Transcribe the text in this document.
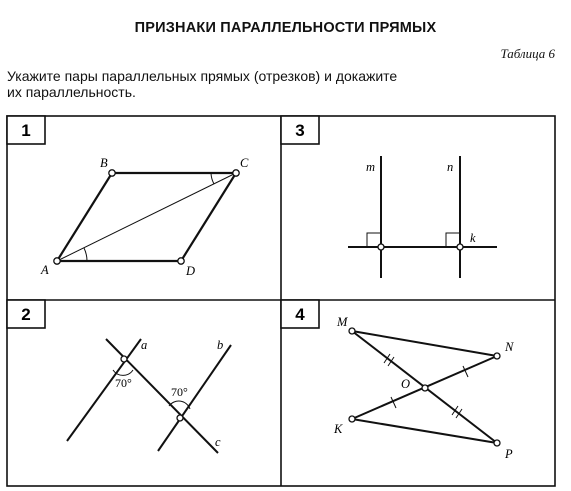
ПРИЗНАКИ ПАРАЛЛЕЛЬНОСТИ ПРЯМЫХ
Таблица 6
Укажите пары параллельных прямых (отрезков) и докажите
их параллельность.
1	3
2	4
A
B	C
D
m	n
k
a	b
c
70°
70°
M
N
O
K
P
